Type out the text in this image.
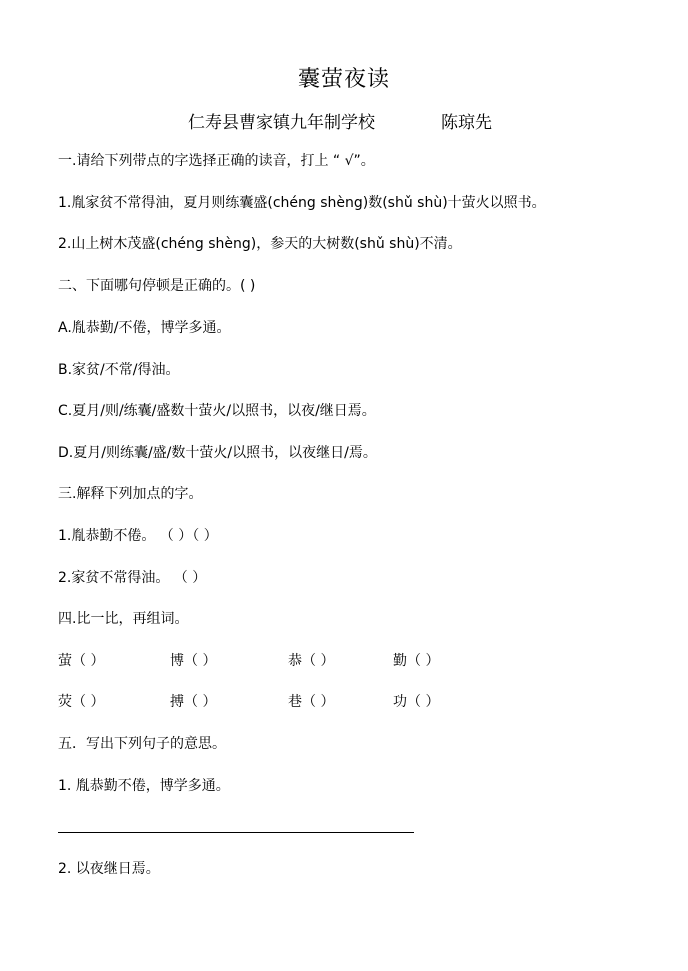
囊萤夜读
仁寿县曹家镇九年制学校	陈琼先
一.请给下列带点的字选择正确的读音，打上 “ √”。
1.胤家贫不常得油，夏月则练囊盛(chéng shèng)数(shǔ shù)十萤火以照书。
2.山上树木茂盛(chéng shèng)，参天的大树数(shǔ shù)不清。
二、下面哪句停顿是正确的。( )
A.胤恭勤/不倦，博学多通。
B.家贫/不常/得油。
C.夏月/则/练囊/盛数十萤火/以照书，以夜/继日焉。
D.夏月/则练囊/盛/数十萤火/以照书，以夜继日/焉。
三.解释下列加点的字。
1.胤恭勤不倦。 （ ）（ ）
2.家贫不常得油。 （ ）
四.比一比，再组词。
萤（ ）	博（ ）	恭（ ）	勤（ ）
荧（ ）	搏（ ）	巷（ ）	功（ ）
五．写出下列句子的意思。
1. 胤恭勤不倦，博学多通。
2. 以夜继日焉。
